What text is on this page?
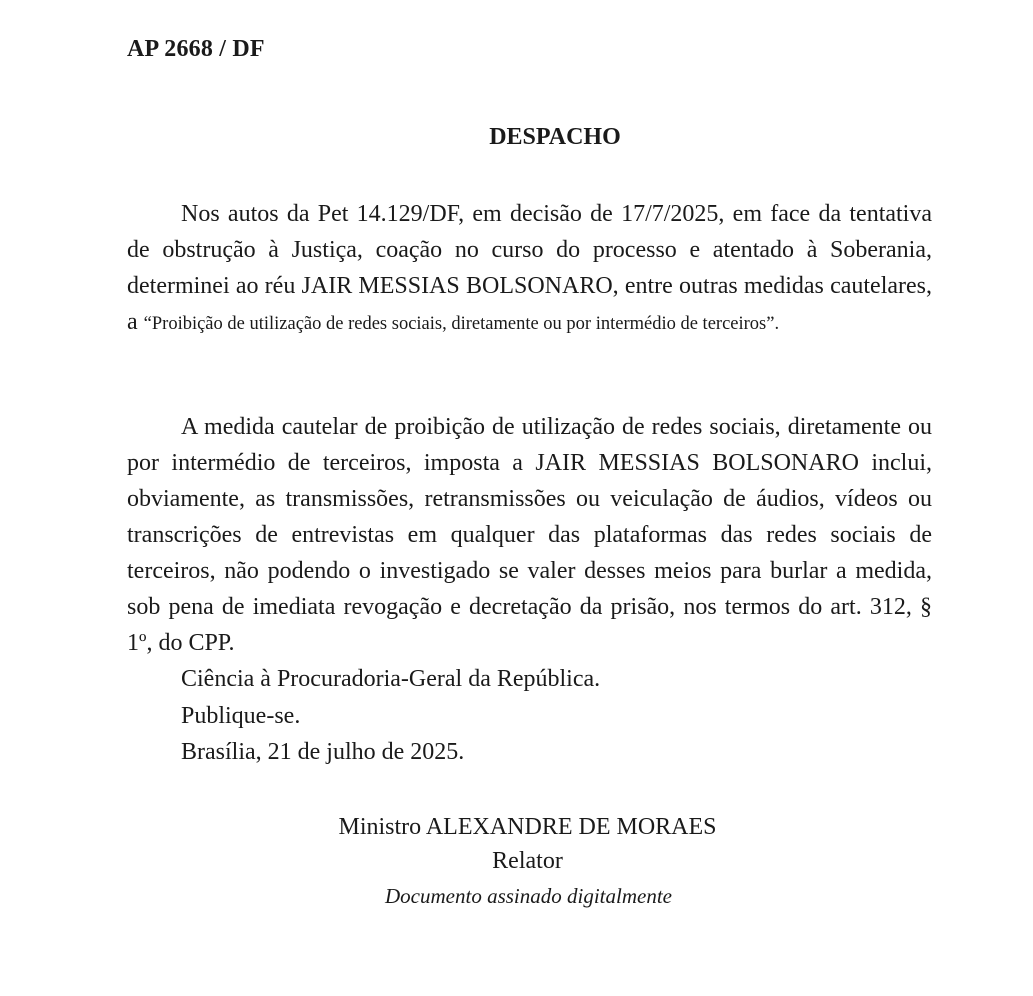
AP 2668 / DF
DESPACHO
Nos autos da Pet 14.129/DF, em decisão de 17/7/2025, em face da tentativa de obstrução à Justiça, coação no curso do processo e atentado à Soberania, determinei ao réu JAIR MESSIAS BOLSONARO, entre outras medidas cautelares, a “Proibição de utilização de redes sociais, diretamente ou por intermédio de terceiros”.
A medida cautelar de proibição de utilização de redes sociais, diretamente ou por intermédio de terceiros, imposta a JAIR MESSIAS BOLSONARO inclui, obviamente, as transmissões, retransmissões ou veiculação de áudios, vídeos ou transcrições de entrevistas em qualquer das plataformas das redes sociais de terceiros, não podendo o investigado se valer desses meios para burlar a medida, sob pena de imediata revogação e decretação da prisão, nos termos do art. 312, § 1º, do CPP.
Ciência à Procuradoria-Geral da República.
Publique-se.
Brasília, 21 de julho de 2025.
Ministro ALEXANDRE DE MORAES
Relator
Documento assinado digitalmente
